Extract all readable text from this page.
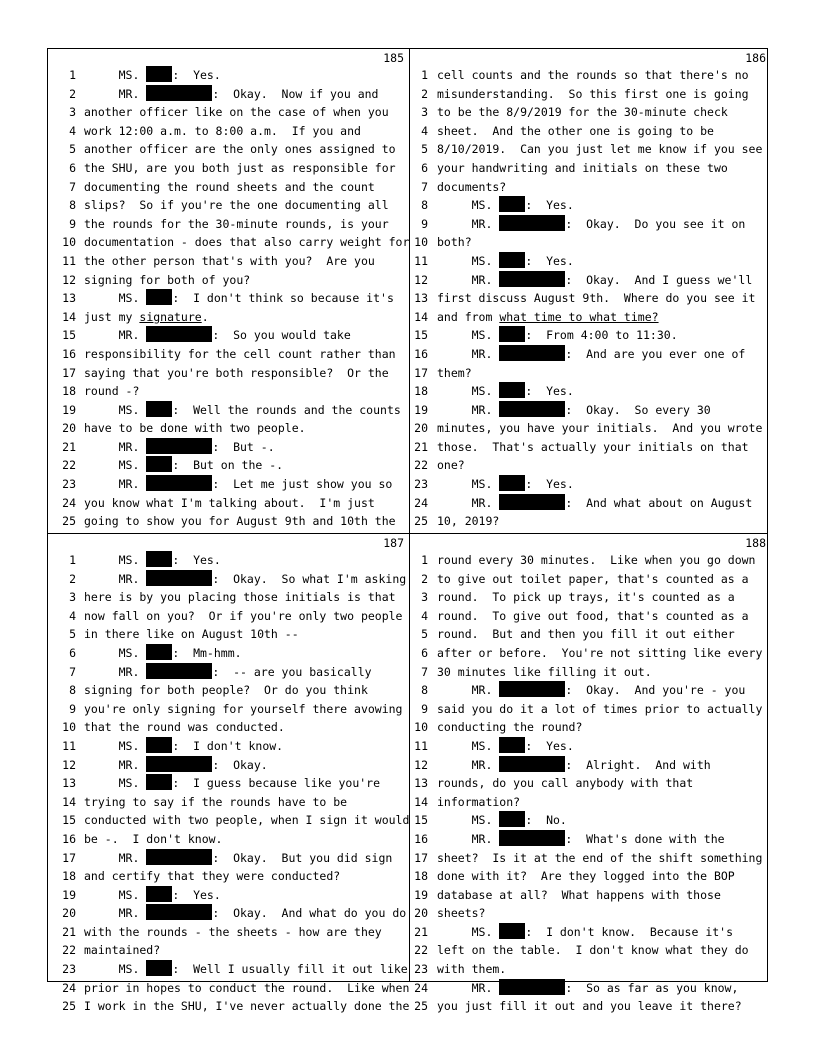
185
1 MS. :  Yes.
2 MR.	:  Okay.  Now if you and
3 another officer like on the case of when you
4 work 12:00 a.m. to 8:00 a.m.  If you and
5 another officer are the only ones assigned to
6 the SHU, are you both just as responsible for
7 documenting the round sheets and the count
8 slips?  So if you're the one documenting all
9 the rounds for the 30-minute rounds, is your
10 documentation - does that also carry weight for
11 the other person that's with you?  Are you
12 signing for both of you?
13 MS. :  I don't think so because it's
14 just my signature.
15 MR.	:  So you would take
16 responsibility for the cell count rather than
17 saying that you're both responsible?  Or the
18 round -?
19 MS. :  Well the rounds and the counts
20 have to be done with two people.
21 MR.	:  But -.
22 MS. :  But on the -.
23 MR.	:  Let me just show you so
24 you know what I'm talking about.  I'm just
25 going to show you for August 9th and 10th the
186
1 cell counts and the rounds so that there's no
2 misunderstanding.  So this first one is going
3 to be the 8/9/2019 for the 30-minute check
4 sheet.  And the other one is going to be
5 8/10/2019.  Can you just let me know if you see
6 your handwriting and initials on these two
7 documents?
8 MS. :  Yes.
9 MR.	:  Okay.  Do you see it on
10 both?
11 MS. :  Yes.
12 MR.	:  Okay.  And I guess we'll
13 first discuss August 9th.  Where do you see it
14 and from what time to what time?
15 MS. :  From 4:00 to 11:30.
16 MR.	:  And are you ever one of
17 them?
18 MS. :  Yes.
19 MR.	:  Okay.  So every 30
20 minutes, you have your initials.  And you wrote
21 those.  That's actually your initials on that
22 one?
23 MS. :  Yes.
24 MR.	:  And what about on August
25 10, 2019?
187
1 MS. :  Yes.
2 MR.	:  Okay.  So what I'm asking
3 here is by you placing those initials is that
4 now fall on you?  Or if you're only two people
5 in there like on August 10th --
6 MS. :  Mm-hmm.
7 MR.	:  -- are you basically
8 signing for both people?  Or do you think
9 you're only signing for yourself there avowing
10 that the round was conducted.
11 MS. :  I don't know.
12 MR.	:  Okay.
13 MS. :  I guess because like you're
14 trying to say if the rounds have to be
15 conducted with two people, when I sign it would
16 be -.  I don't know.
17 MR.	:  Okay.  But you did sign
18 and certify that they were conducted?
19 MS. :  Yes.
20 MR.	:  Okay.  And what do you do
21 with the rounds - the sheets - how are they
22 maintained?
23 MS. :  Well I usually fill it out like
24 prior in hopes to conduct the round.  Like when
25 I work in the SHU, I've never actually done the
188
1 round every 30 minutes.  Like when you go down
2 to give out toilet paper, that's counted as a
3 round.  To pick up trays, it's counted as a
4 round.  To give out food, that's counted as a
5 round.  But and then you fill it out either
6 after or before.  You're not sitting like every
7 30 minutes like filling it out.
8 MR.	:  Okay.  And you're - you
9 said you do it a lot of times prior to actually
10 conducting the round?
11 MS. :  Yes.
12 MR.	:  Alright.  And with
13 rounds, do you call anybody with that
14 information?
15 MS. :  No.
16 MR.	:  What's done with the
17 sheet?  Is it at the end of the shift something
18 done with it?  Are they logged into the BOP
19 database at all?  What happens with those
20 sheets?
21 MS. :  I don't know.  Because it's
22 left on the table.  I don't know what they do
23 with them.
24 MR.	:  So as far as you know,
25 you just fill it out and you leave it there?
